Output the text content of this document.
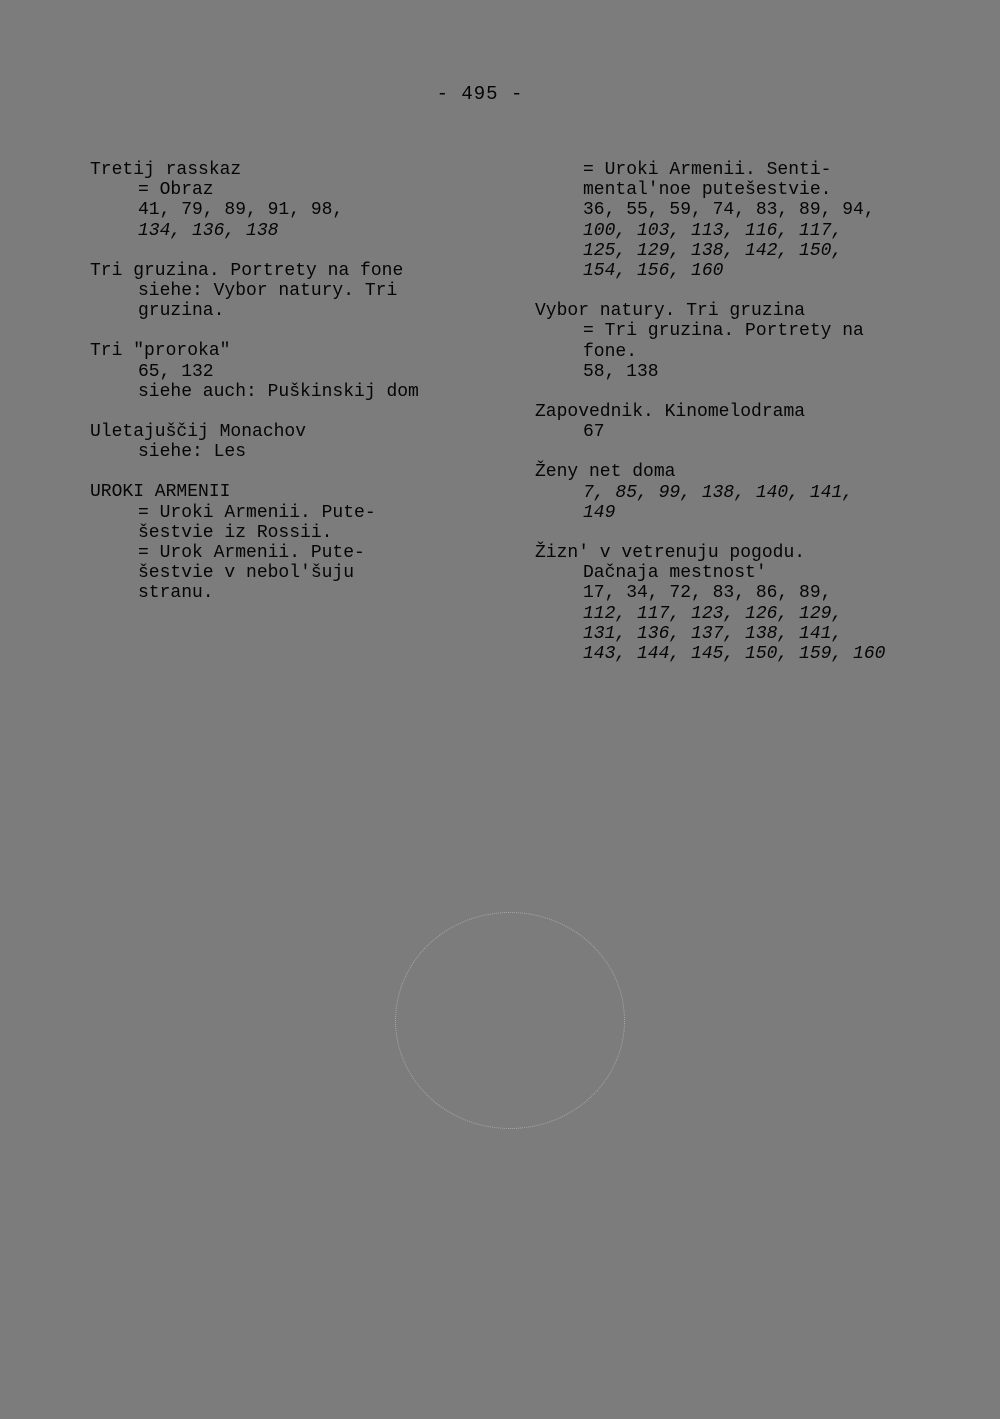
- 495 -
Tretij rasskaz
= Obraz
41, 79, 89, 91, 98,
134, 136, 138
Tri gruzina. Portrety na fone
siehe: Vybor natury. Tri
gruzina.
Tri "proroka"
65, 132
siehe auch: Puškinskij dom
Uletajuščij Monachov
siehe: Les
UROKI ARMENII
= Uroki Armenii. Pute-
šestvie iz Rossii.
= Urok Armenii. Pute-
šestvie v nebol'šuju
stranu.
= Uroki Armenii. Senti-
mental'noe putešestvie.
36, 55, 59, 74, 83, 89, 94,
100, 103, 113, 116, 117,
125, 129, 138, 142, 150,
154, 156, 160
Vybor natury. Tri gruzina
= Tri gruzina. Portrety na
fone.
58, 138
Zapovednik. Kinomelodrama
67
Ženy net doma
7, 85, 99, 138, 140, 141,
149
Žizn' v vetrenuju pogodu.
Dačnaja mestnost'
17, 34, 72, 83, 86, 89,
112, 117, 123, 126, 129,
131, 136, 137, 138, 141,
143, 144, 145, 150, 159, 160
